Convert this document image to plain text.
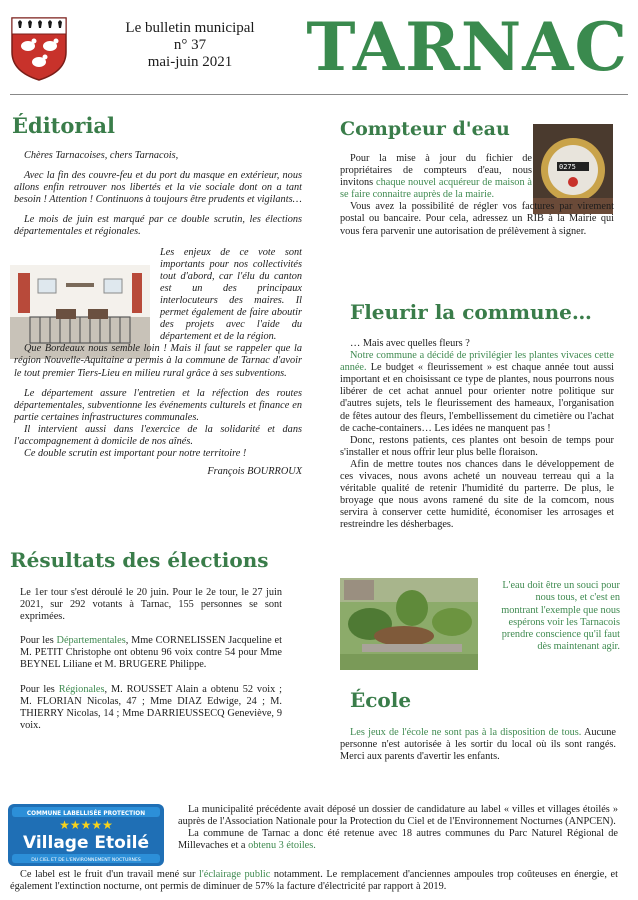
Le bulletin municipal
n° 37
mai-juin 2021	TARNAC
Éditorial

Chères Tarnacoises, chers Tarnacois,

Avec la fin des couvre-feu et du port du masque en extérieur, nous allons enfin retrouver nos libertés et la vie sociale dont on a tant besoin ! Attention ! Continuons à toujours être prudents et vigilants…

Le mois de juin est marqué par ce double scrutin, les élections départementales et régionales.

Les enjeux de ce vote sont importants pour nos collectivités tout d'abord, car l'élu du canton est un des principaux interlocuteurs des maires. Il permet également de faire aboutir des projets avec l'aide du département et de la région.

Que Bordeaux nous semble loin ! Mais il faut se rappeler que la région Nouvelle-Aquitaine a permis à la commune de Tarnac d'avoir le tout premier Tiers-Lieu en milieu rural grâce à ses subventions.

Le département assure l'entretien et la réfection des routes départementales, subventionne les événements culturels et finance en partie certaines infrastructures communales.

Il intervient aussi dans l'exercice de la solidarité et dans l'accompagnement à domicile de nos aînés.

Ce double scrutin est important pour notre territoire !

François BOURROUX

Résultats des élections

Le 1er tour s'est déroulé le 20 juin. Pour le 2e tour, le 27 juin 2021, sur 292 votants à Tarnac, 155 personnes se sont exprimées.

Pour les Départementales, Mme CORNELISSEN Jacqueline et M. PETIT Christophe ont obtenu 96 voix contre 54 pour Mme BEYNEL Liliane et M. BRUGERE Philippe.

Pour les Régionales, M. ROUSSET Alain a obtenu 52 voix ; M. FLORIAN Nicolas, 47 ; Mme DIAZ Edwige, 24 ; M. THIERRY Nicolas, 14 ; Mme DARRIEUSSECQ Geneviève, 9 voix.

Compteur d'eau
0275

Pour la mise à jour du fichier de propriétaires de compteurs d'eau, nous invitons chaque nouvel acquéreur de maison à se faire connaitre auprès de la mairie.

Vous avez la possibilité de régler vos factures par virement postal ou bancaire. Pour cela, adressez un RIB à la Mairie qui vous fera parvenir une autorisation de prélèvement à signer.

Fleurir la commune…

… Mais avec quelles fleurs ?

Notre commune a décidé de privilégier les plantes vivaces cette année. Le budget « fleurissement » est chaque année tout aussi important et en choisissant ce type de plantes, nous pourrons nous libérer de cet achat annuel pour orienter notre politique sur d'autres sujets, tels le fleurissement des hameaux, l'organisation de fêtes autour des fleurs, l'embellissement du cimetière ou l'achat de cache-containers… Les idées ne manquent pas !

Donc, restons patients, ces plantes ont besoin de temps pour s'installer et nous offrir leur plus belle floraison.

Afin de mettre toutes nos chances dans le développement de ces vivaces, nous avons acheté un nouveau terreau qui a la véritable qualité de retenir l'humidité du parterre. De plus, le broyage que nous avons ramené du site de la comcom, nous servira à conserver cette humidité, économiser les arrosages et restreindre les désherbages.

L'eau doit être un souci pour nous tous, et c'est en montrant l'exemple que nous espérons voir les Tarnacois prendre conscience qu'il faut dès maintenant agir.
École

Les jeux de l'école ne sont pas à la disposition de tous. Aucune personne n'est autorisée à les sortir du local où ils sont rangés. Merci aux parents d'avertir les enfants.

COMMUNE LABELLISÉE PROTECTION
★★★★★
Village Etoilé
DU CIEL ET DE L'ENVIRONNEMENT NOCTURNES

La municipalité précédente avait déposé un dossier de candidature au label « villes et villages étoilés » auprès de l'Association Nationale pour la Protection du Ciel et de l'Environnement Nocturnes (ANPCEN).

La commune de Tarnac a donc été retenue avec 18 autres communes du Parc Naturel Régional de Millevaches et a obtenu 3 étoiles.

Ce label est le fruit d'un travail mené sur l'éclairage public notamment. Le remplacement d'anciennes ampoules trop coûteuses en énergie, et également l'extinction nocturne, ont permis de diminuer de 57% la facture d'électricité par rapport à 2019.
